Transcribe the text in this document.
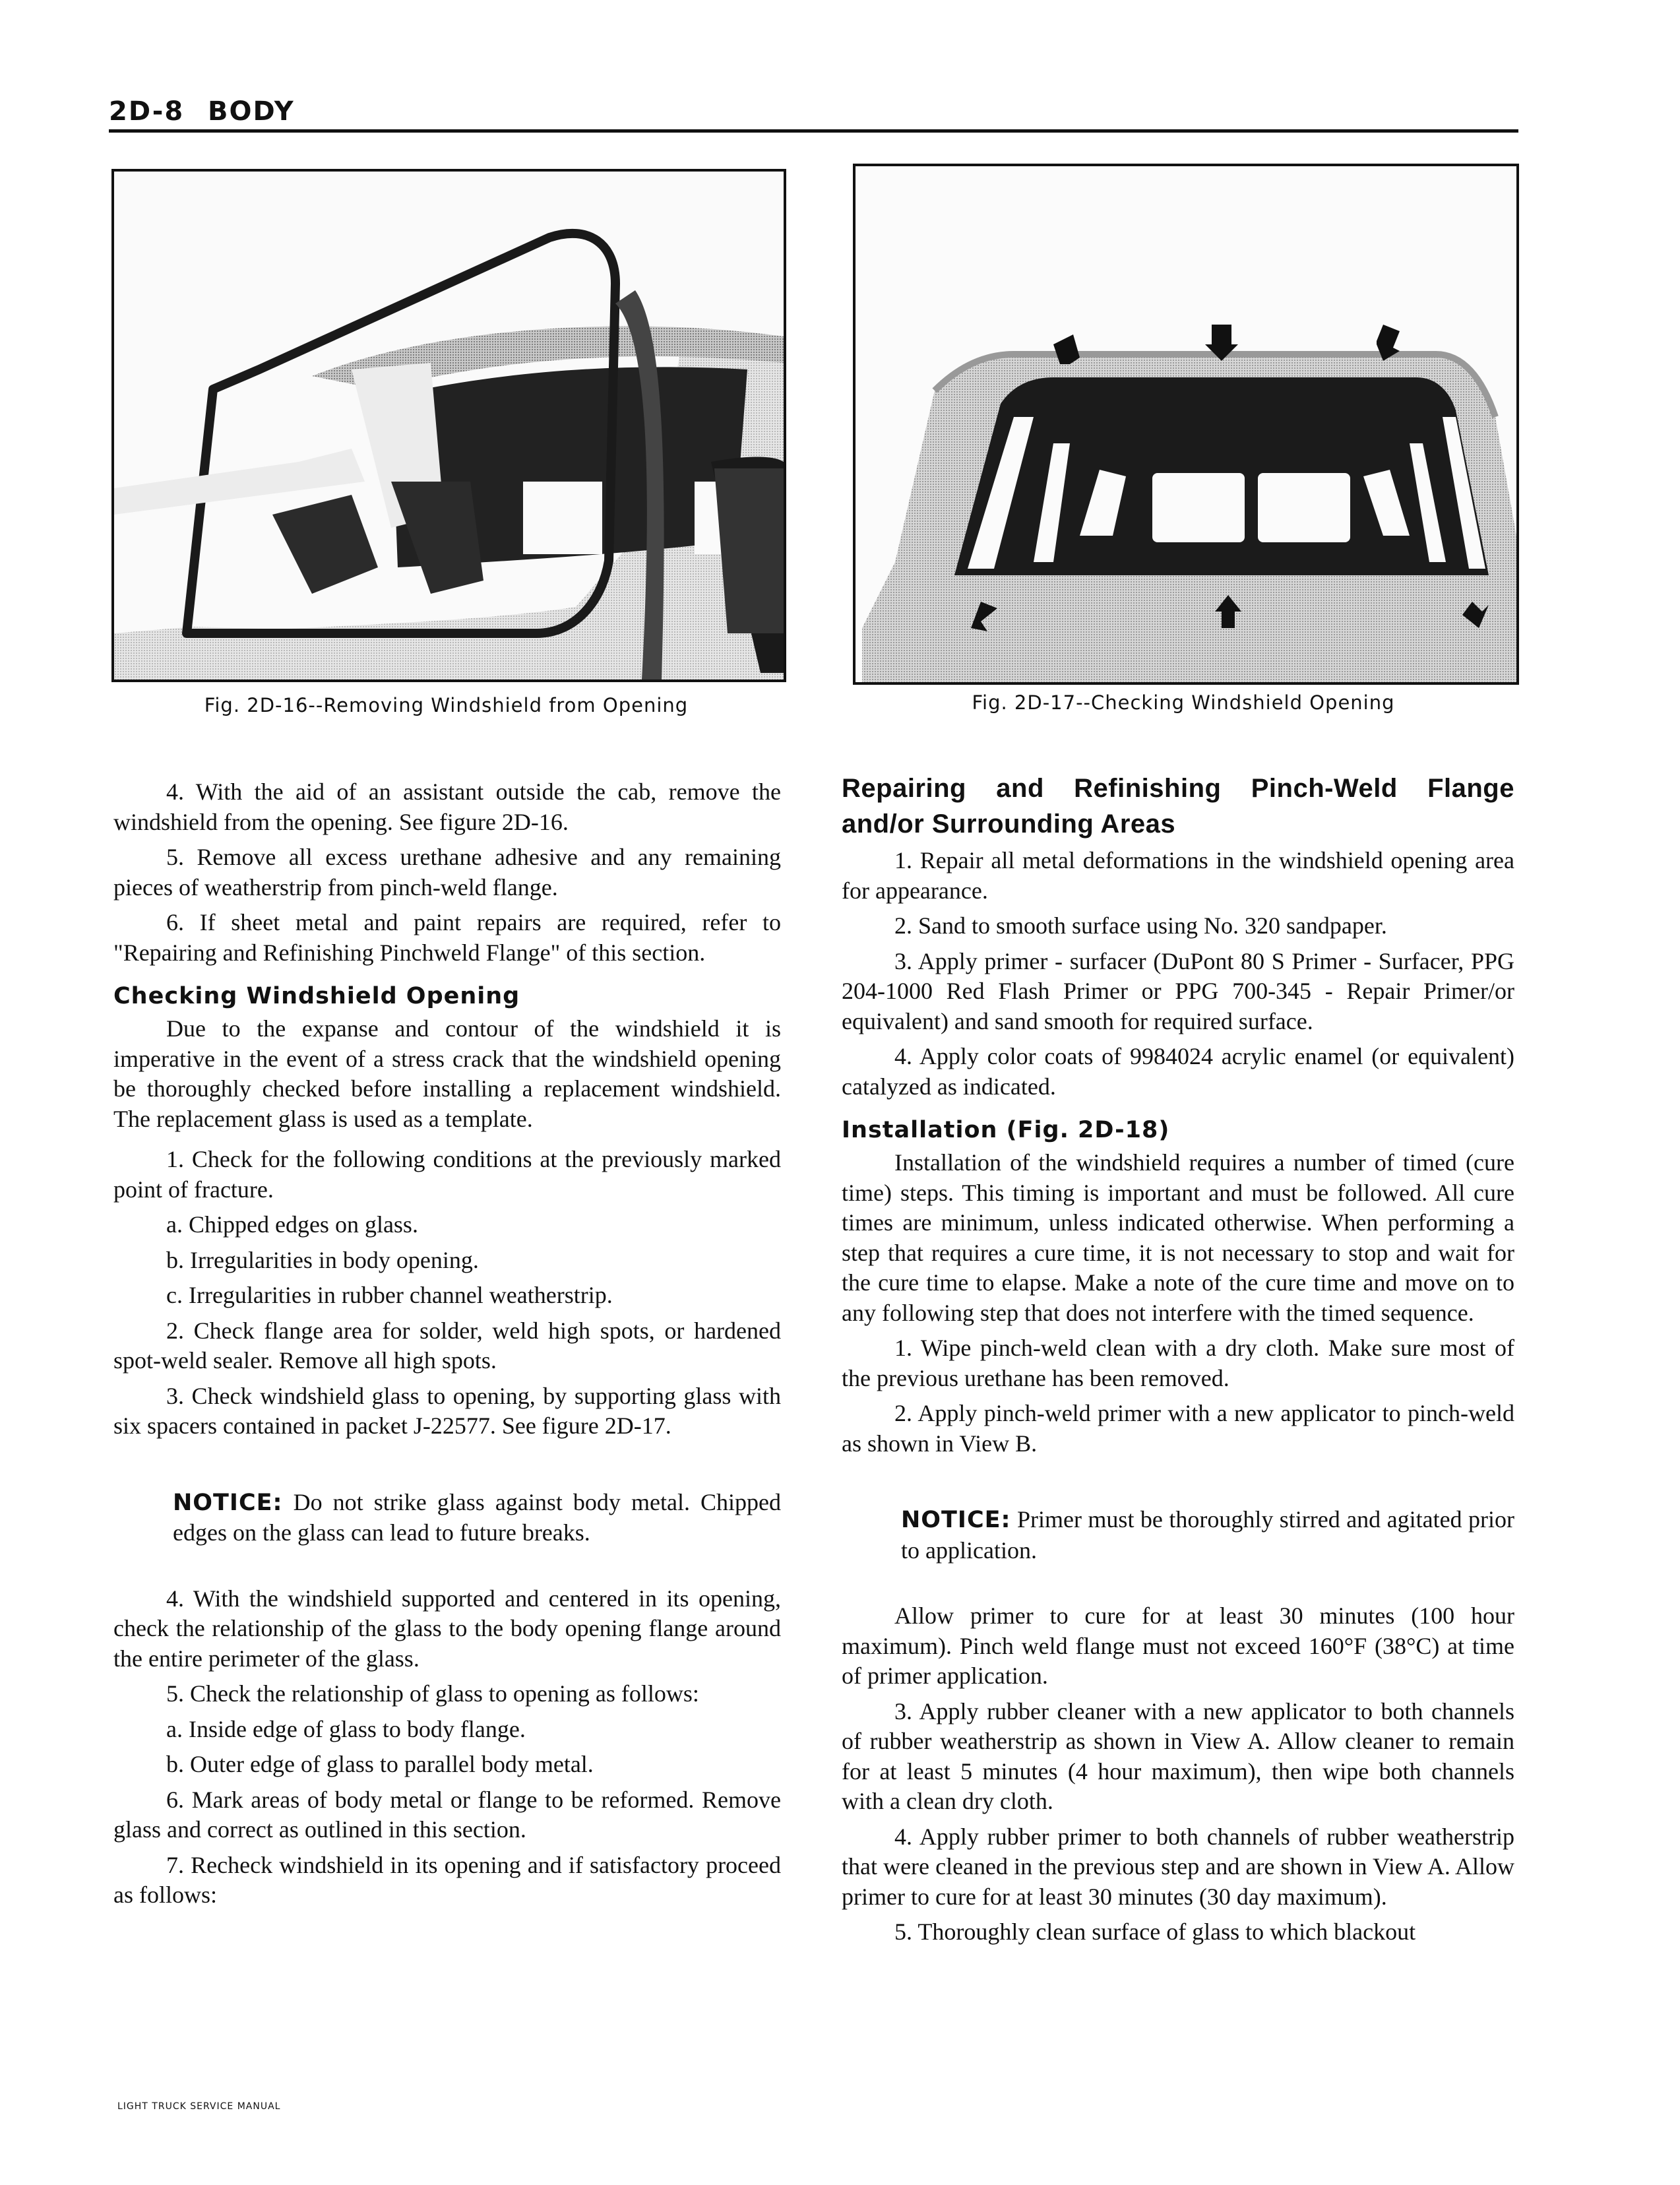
2D-8 BODY
Fig. 2D-16--Removing Windshield from Opening	Fig. 2D-17--Checking Windshield Opening

4. With the aid of an assistant outside the cab, remove the windshield from the opening. See figure 2D-16.

5. Remove all excess urethane adhesive and any remaining pieces of weatherstrip from pinch-weld flange.

6. If sheet metal and paint repairs are required, refer to "Repairing and Refinishing Pinchweld Flange" of this section.

Checking Windshield Opening

Due to the expanse and contour of the windshield it is imperative in the event of a stress crack that the windshield opening be thoroughly checked before installing a replacement windshield. The replacement glass is used as a template.

1. Check for the following conditions at the previously marked point of fracture.

a. Chipped edges on glass.

b. Irregularities in body opening.

c. Irregularities in rubber channel weatherstrip.

2. Check flange area for solder, weld high spots, or hardened spot-weld sealer. Remove all high spots.

3. Check windshield glass to opening, by supporting glass with six spacers contained in packet J-22577. See figure 2D-17.

NOTICE: Do not strike glass against body metal. Chipped edges on the glass can lead to future breaks.

4. With the windshield supported and centered in its opening, check the relationship of the glass to the body opening flange around the entire perimeter of the glass.

5. Check the relationship of glass to opening as follows:

a. Inside edge of glass to body flange.

b. Outer edge of glass to parallel body metal.

6. Mark areas of body metal or flange to be reformed. Remove glass and correct as outlined in this section.

7. Recheck windshield in its opening and if satisfactory proceed as follows:

Repairing and Refinishing Pinch-Weld Flange and/or Surrounding Areas

1. Repair all metal deformations in the windshield opening area for appearance.

2. Sand to smooth surface using No. 320 sandpaper.

3. Apply primer - surfacer (DuPont 80 S Primer - Surfacer, PPG 204-1000 Red Flash Primer or PPG 700-345 - Repair Primer/or equivalent) and sand smooth for required surface.

4. Apply color coats of 9984024 acrylic enamel (or equivalent) catalyzed as indicated.

Installation (Fig. 2D-18)

Installation of the windshield requires a number of timed (cure time) steps. This timing is important and must be followed. All cure times are minimum, unless indicated otherwise. When performing a step that requires a cure time, it is not necessary to stop and wait for the cure time to elapse. Make a note of the cure time and move on to any following step that does not interfere with the timed sequence.

1. Wipe pinch-weld clean with a dry cloth. Make sure most of the previous urethane has been removed.

2. Apply pinch-weld primer with a new applicator to pinch-weld as shown in View B.

NOTICE: Primer must be thoroughly stirred and agitated prior to application.

Allow primer to cure for at least 30 minutes (100 hour maximum). Pinch weld flange must not exceed 160°F (38°C) at time of primer application.

3. Apply rubber cleaner with a new applicator to both channels of rubber weatherstrip as shown in View A. Allow cleaner to remain for at least 5 minutes (4 hour maximum), then wipe both channels with a clean dry cloth.

4. Apply rubber primer to both channels of rubber weatherstrip that were cleaned in the previous step and are shown in View A. Allow primer to cure for at least 30 minutes (30 day maximum).

5. Thoroughly clean surface of glass to which blackout

LIGHT TRUCK SERVICE MANUAL
